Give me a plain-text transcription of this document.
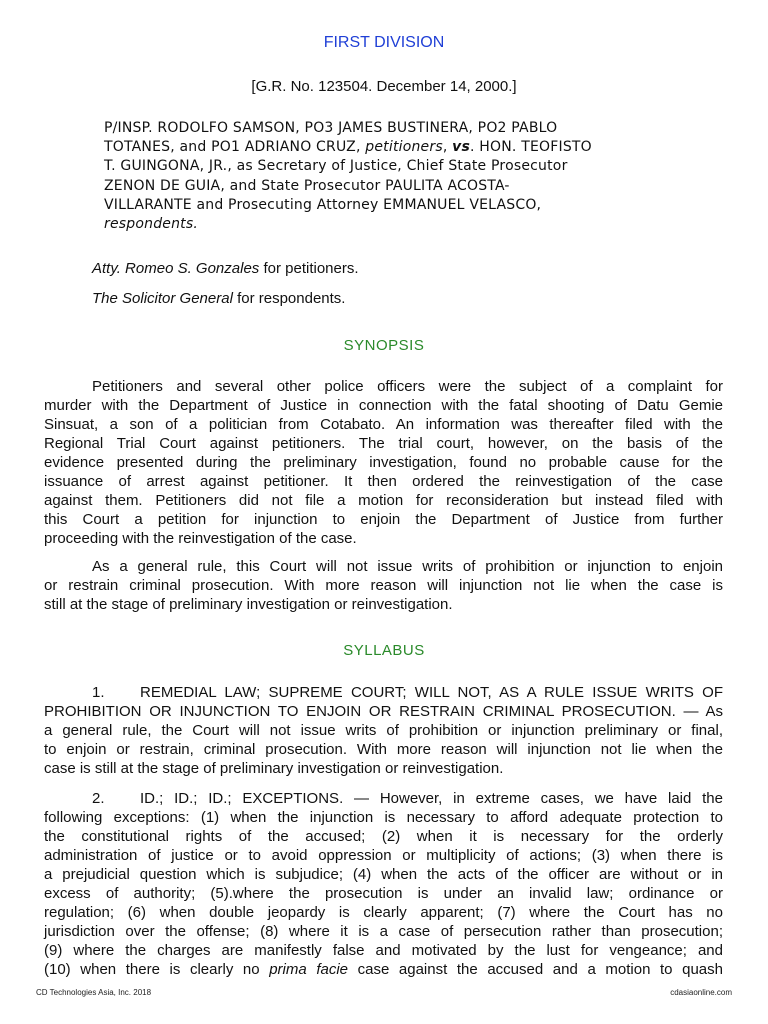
FIRST DIVISION
[G.R. No. 123504. December 14, 2000.]
P/INSP. RODOLFO SAMSON, PO3 JAMES BUSTINERA, PO2 PABLO
TOTANES, and PO1 ADRIANO CRUZ, petitioners, vs. HON. TEOFISTO
T. GUINGONA, JR., as Secretary of Justice, Chief State Prosecutor
ZENON DE GUIA, and State Prosecutor PAULITA ACOSTA-
VILLARANTE and Prosecuting Attorney EMMANUEL VELASCO,
respondents.
Atty. Romeo S. Gonzales for petitioners.
The Solicitor General for respondents.
SYNOPSIS
Petitioners and several other police officers were the subject of a complaint for
murder with the Department of Justice in connection with the fatal shooting of Datu Gemie
Sinsuat, a son of a politician from Cotabato. An information was thereafter filed with the
Regional Trial Court against petitioners. The trial court, however, on the basis of the
evidence presented during the preliminary investigation, found no probable cause for the
issuance of arrest against petitioner. It then ordered the reinvestigation of the case
against them. Petitioners did not file a motion for reconsideration but instead filed with
this Court a petition for injunction to enjoin the Department of Justice from further
proceeding with the reinvestigation of the case.
As a general rule, this Court will not issue writs of prohibition or injunction to enjoin
or restrain criminal prosecution. With more reason will injunction not lie when the case is
still at the stage of preliminary investigation or reinvestigation.
SYLLABUS
1. REMEDIAL LAW; SUPREME COURT; WILL NOT, AS A RULE ISSUE WRITS OF
PROHIBITION OR INJUNCTION TO ENJOIN OR RESTRAIN CRIMINAL PROSECUTION. — As
a general rule, the Court will not issue writs of prohibition or injunction preliminary or final,
to enjoin or restrain, criminal prosecution. With more reason will injunction not lie when the
case is still at the stage of preliminary investigation or reinvestigation.
2. ID.; ID.; ID.; EXCEPTIONS. — However, in extreme cases, we have laid the
following exceptions: (1) when the injunction is necessary to afford adequate protection to
the constitutional rights of the accused; (2) when it is necessary for the orderly
administration of justice or to avoid oppression or multiplicity of actions; (3) when there is
a prejudicial question which is subjudice; (4) when the acts of the officer are without or in
excess of authority; (5).where the prosecution is under an invalid law; ordinance or
regulation; (6) when double jeopardy is clearly apparent; (7) where the Court has no
jurisdiction over the offense; (8) where it is a case of persecution rather than prosecution;
(9) where the charges are manifestly false and motivated by the lust for vengeance; and
(10) when there is clearly no prima facie case against the accused and a motion to quash
CD Technologies Asia, Inc. 2018	cdasiaonline.com
